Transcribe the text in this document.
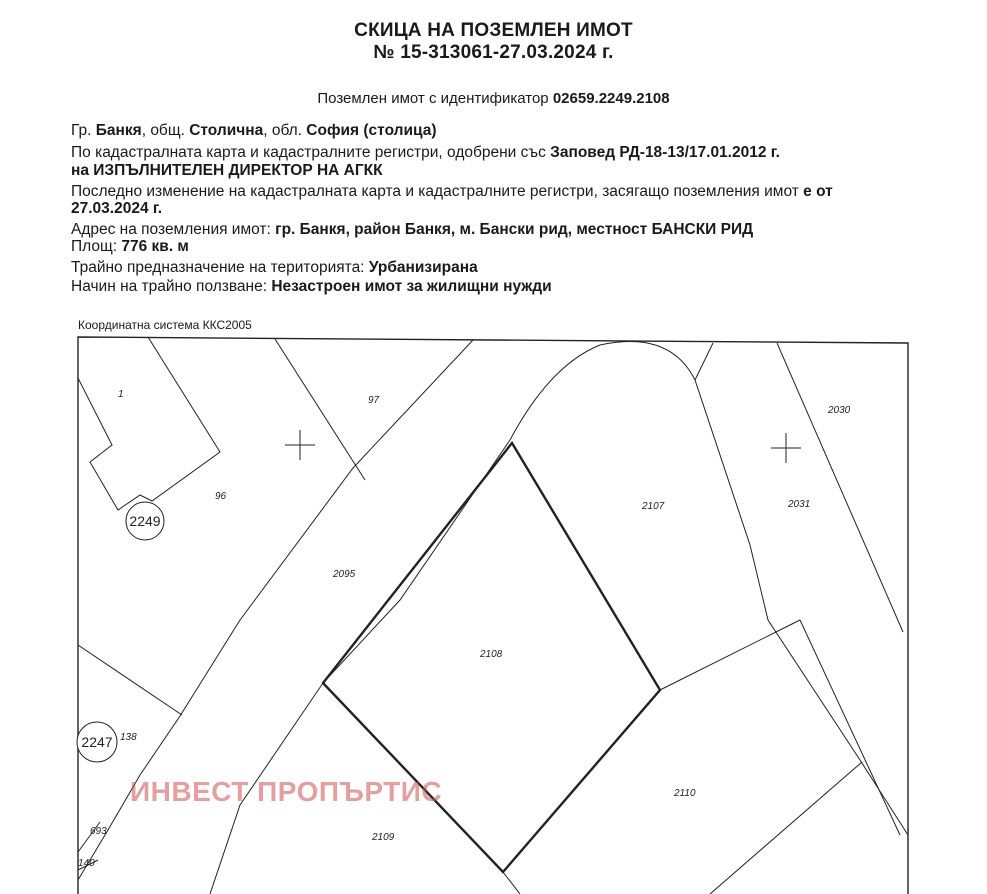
СКИЦА НА ПОЗЕМЛЕН ИМОТ
№ 15-313061-27.03.2024 г.
Поземлен имот с идентификатор 02659.2249.2108
Гр. Банкя, общ. Столична, обл. София (столица)
По кадастралната карта и кадастралните регистри, одобрени със Заповед РД-18-13/17.01.2012 г.
на ИЗПЪЛНИТЕЛЕН ДИРЕКТОР НА АГКК
Последно изменение на кадастралната карта и кадастралните регистри, засягащо поземления имот е от
27.03.2024 г.
Адрес на поземления имот: гр. Банкя, район Банкя, м. Бански рид, местност БАНСКИ РИД
Площ: 776 кв. м
Трайно предназначение на територията: Урбанизирана
Начин на трайно ползване: Незастроен имот за жилищни нужди
Координатна система ККС2005
2249
2247
1
97
96
2030
2107	2031
2095
2108
138
2110
693
2109
140
ИНВЕСТ ПРОПЪРТИС
